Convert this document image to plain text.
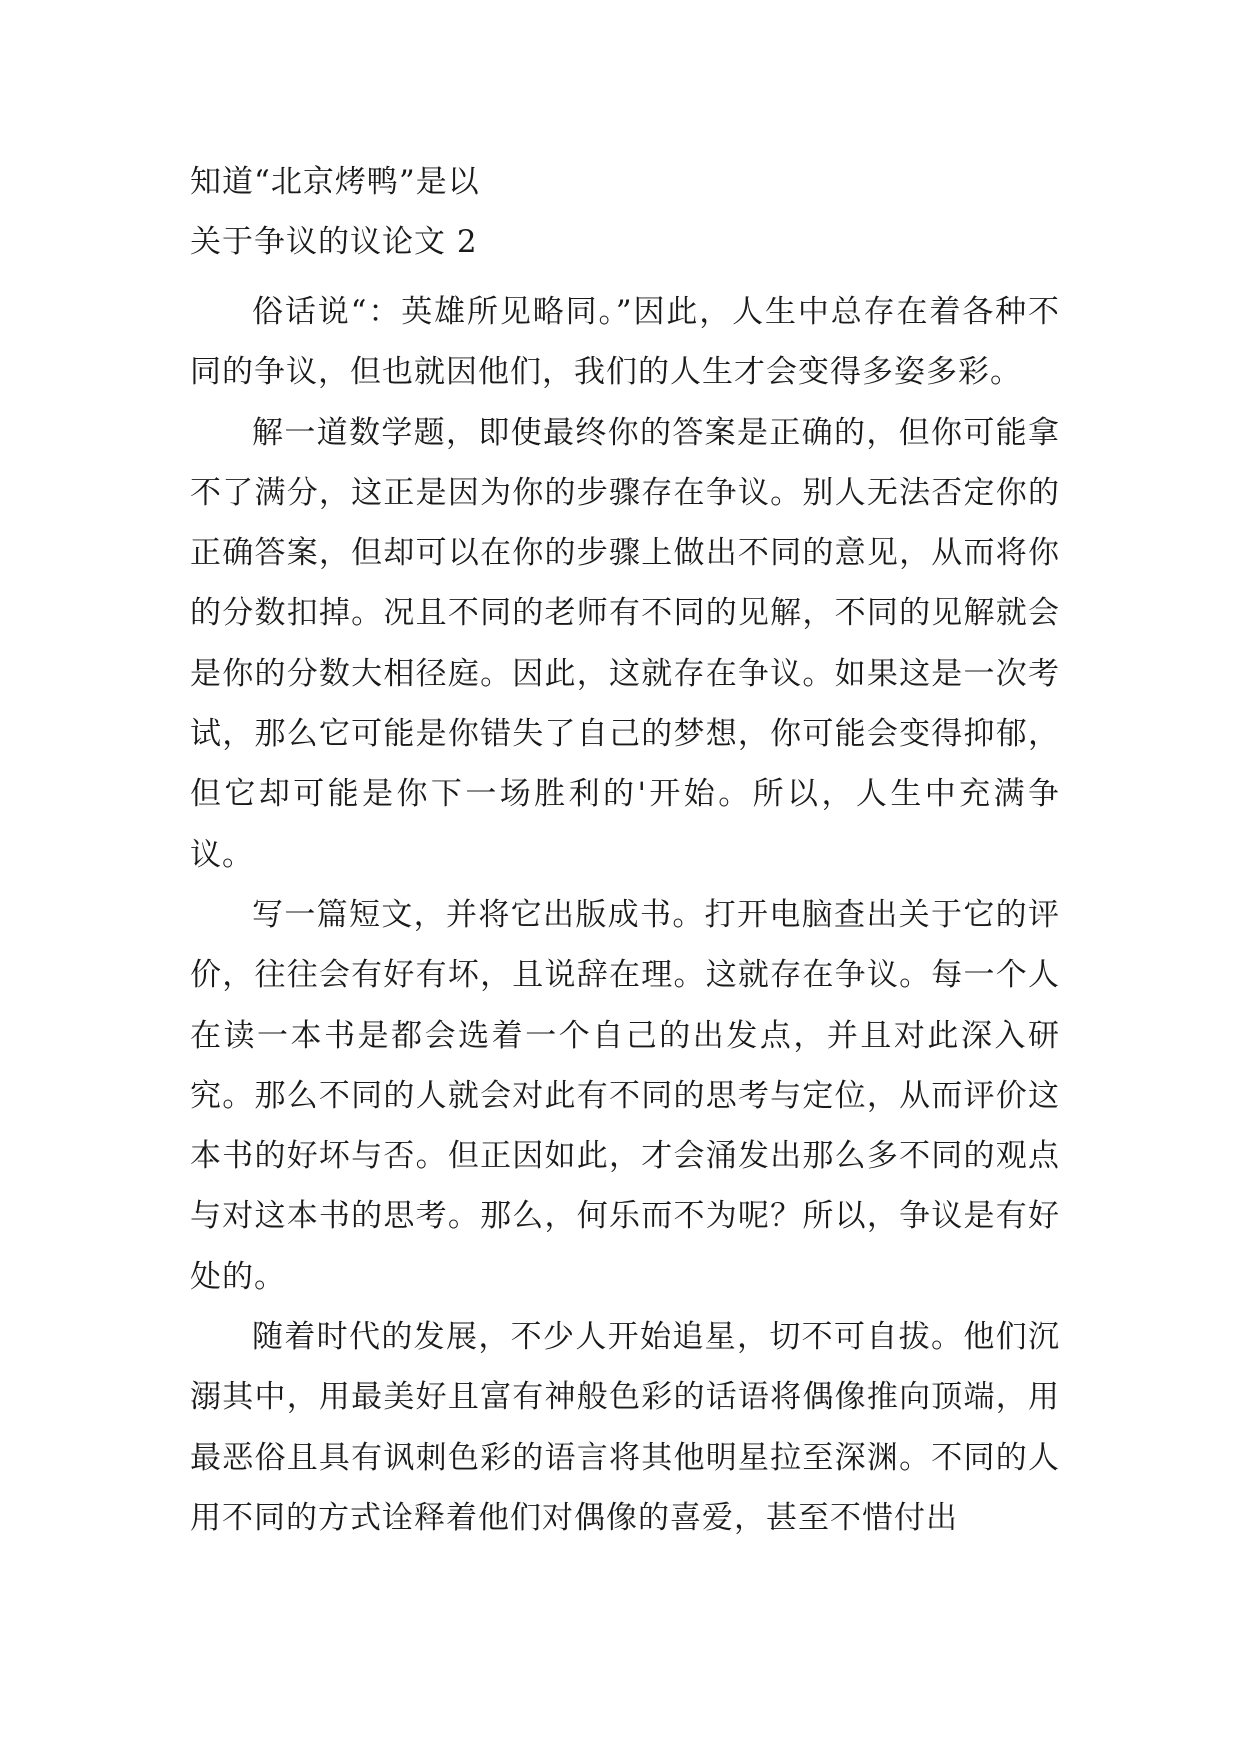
知道“北京烤鸭”是以
关于争议的议论文 2

俗话说“：英雄所见略同。”因此，人生中总存在着各种不同的争议，但也就因他们，我们的人生才会变得多姿多彩。

解一道数学题，即使最终你的答案是正确的，但你可能拿不了满分，这正是因为你的步骤存在争议。别人无法否定你的正确答案，但却可以在你的步骤上做出不同的意见，从而将你的分数扣掉。况且不同的老师有不同的见解，不同的见解就会是你的分数大相径庭。因此，这就存在争议。如果这是一次考试，那么它可能是你错失了自己的梦想，你可能会变得抑郁，但它却可能是你下一场胜利的'开始。所以，人生中充满争议。

写一篇短文，并将它出版成书。打开电脑查出关于它的评价，往往会有好有坏，且说辞在理。这就存在争议。每一个人在读一本书是都会选着一个自己的出发点，并且对此深入研究。那么不同的人就会对此有不同的思考与定位，从而评价这本书的好坏与否。但正因如此，才会涌发出那么多不同的观点与对这本书的思考。那么，何乐而不为呢？所以，争议是有好处的。

随着时代的发展，不少人开始追星，切不可自拔。他们沉溺其中，用最美好且富有神般色彩的话语将偶像推向顶端，用最恶俗且具有讽刺色彩的语言将其他明星拉至深渊。不同的人用不同的方式诠释着他们对偶像的喜爱，甚至不惜付出
